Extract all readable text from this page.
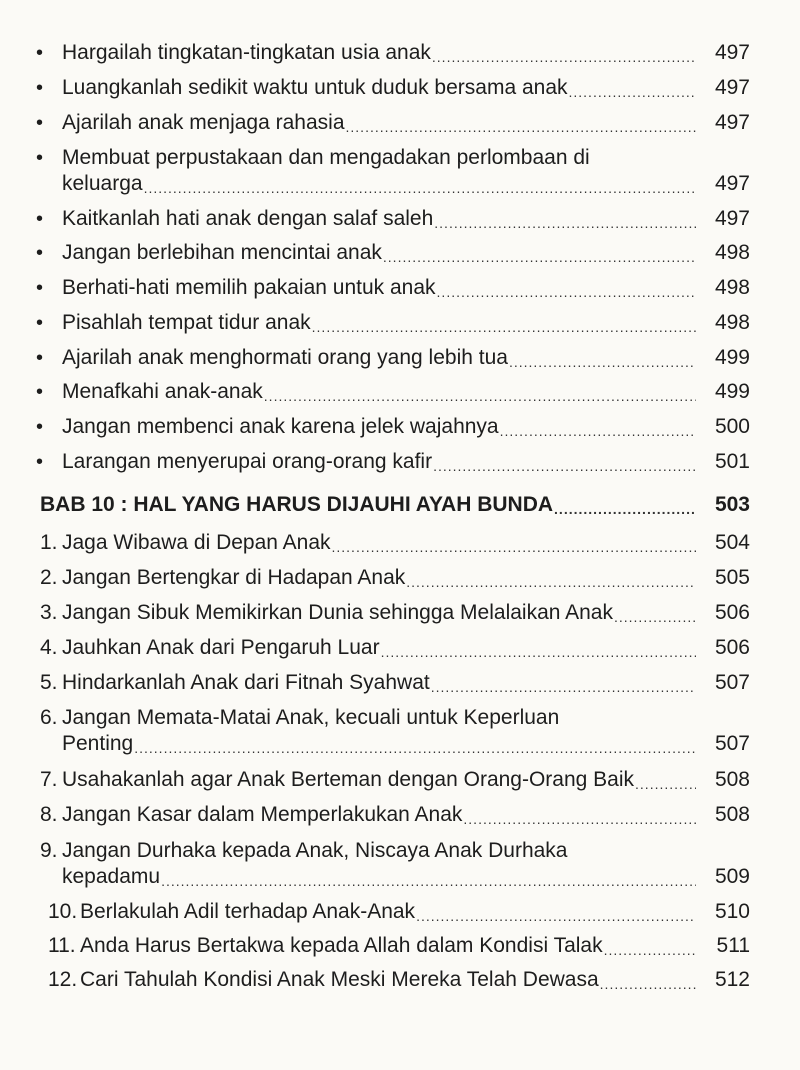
• Hargailah tingkatan-tingkatan usia anak .....	497
• Luangkanlah sedikit waktu untuk duduk bersama anak .....	497
• Ajarilah anak menjaga rahasia .....	497
• Membuat perpustakaan dan mengadakan perlombaan di
keluarga .....	497
• Kaitkanlah hati anak dengan salaf saleh .....	497
• Jangan berlebihan mencintai anak .....	498
• Berhati-hati memilih pakaian untuk anak .....	498
• Pisahlah tempat tidur anak .....	498
• Ajarilah anak menghormati orang yang lebih tua .....	499
• Menafkahi anak-anak .....	499
• Jangan membenci anak karena jelek wajahnya .....	500
• Larangan menyerupai orang-orang kafir .....	501
BAB 10 : HAL YANG HARUS DIJAUHI AYAH BUNDA .....	503
1. Jaga Wibawa di Depan Anak .....	504
2. Jangan Bertengkar di Hadapan Anak .....	505
3. Jangan Sibuk Memikirkan Dunia sehingga Melalaikan Anak .....	506
4. Jauhkan Anak dari Pengaruh Luar .....	506
5. Hindarkanlah Anak dari Fitnah Syahwat .....	507
6. Jangan Memata-Matai Anak, kecuali untuk Keperluan
Penting .....	507
7. Usahakanlah agar Anak Berteman dengan Orang-Orang Baik .....	508
8. Jangan Kasar dalam Memperlakukan Anak .....	508
9. Jangan Durhaka kepada Anak, Niscaya Anak Durhaka
kepadamu .....	509
10. Berlakulah Adil terhadap Anak-Anak .....	510
11. Anda Harus Bertakwa kepada Allah dalam Kondisi Talak .....	511
12. Cari Tahulah Kondisi Anak Meski Mereka Telah Dewasa .....	512
